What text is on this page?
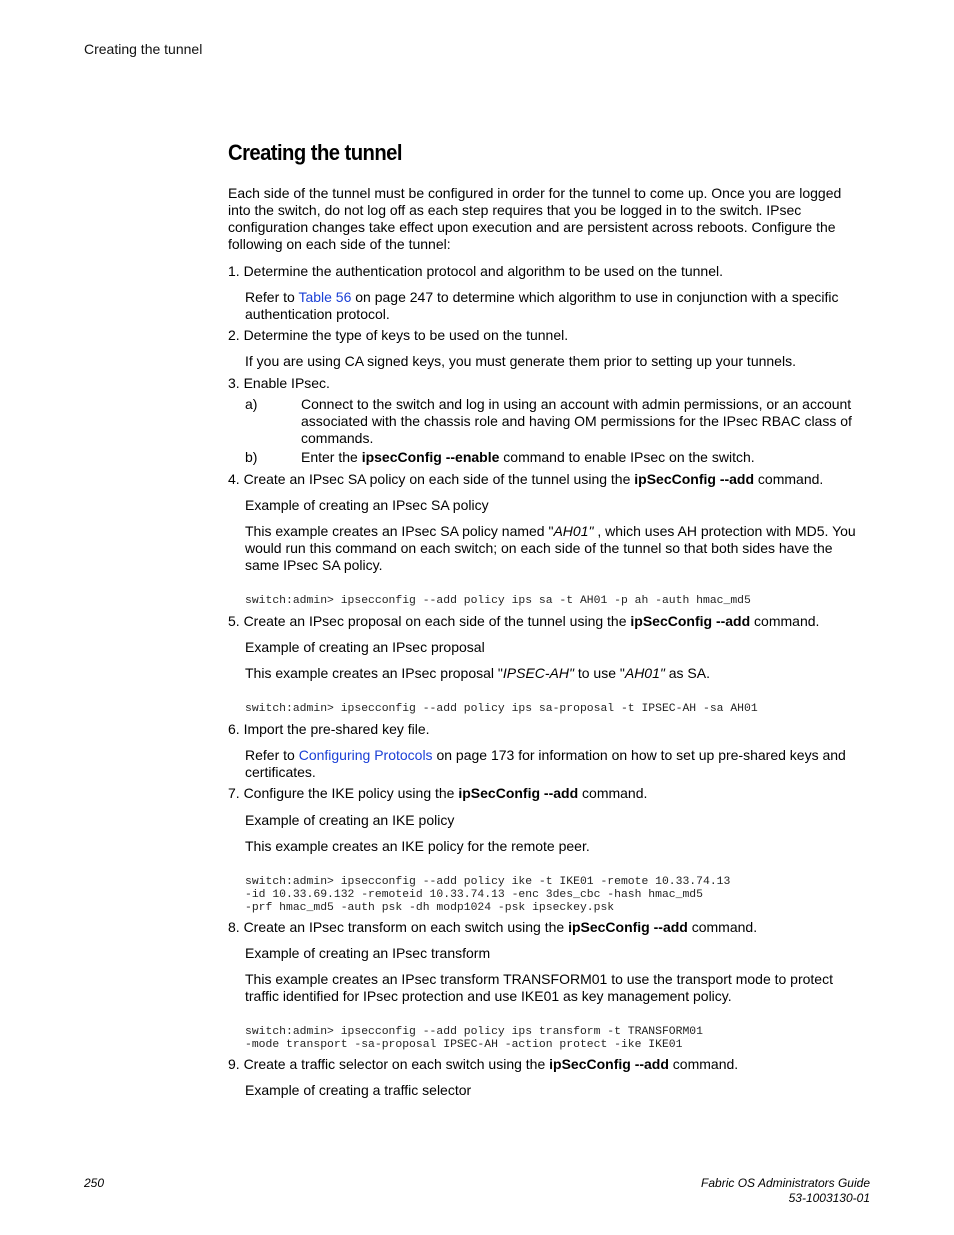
Creating the tunnel
Creating the tunnel

Each side of the tunnel must be configured in order for the tunnel to come up. Once you are logged into the switch, do not log off as each step requires that you be logged in to the switch. IPsec configuration changes take effect upon execution and are persistent across reboots. Configure the following on each side of the tunnel:

1. Determine the authentication protocol and algorithm to be used on the tunnel.

Refer to Table 56 on page 247 to determine which algorithm to use in conjunction with a specific authentication protocol.

2. Determine the type of keys to be used on the tunnel.

If you are using CA signed keys, you must generate them prior to setting up your tunnels.

3. Enable IPsec.

a)	Connect to the switch and log in using an account with admin permissions, or an account associated with the chassis role and having OM permissions for the IPsec RBAC class of commands.

b)	Enter the ipsecConfig --enable command to enable IPsec on the switch.

4. Create an IPsec SA policy on each side of the tunnel using the ipSecConfig --add command.

Example of creating an IPsec SA policy

This example creates an IPsec SA policy named "AH01" , which uses AH protection with MD5. You would run this command on each switch; on each side of the tunnel so that both sides have the same IPsec SA policy.

switch:admin> ipsecconfig --add policy ips sa -t AH01 -p ah -auth hmac_md5

5. Create an IPsec proposal on each side of the tunnel using the ipSecConfig --add command.

Example of creating an IPsec proposal

This example creates an IPsec proposal "IPSEC-AH" to use "AH01" as SA.

switch:admin> ipsecconfig --add policy ips sa-proposal -t IPSEC-AH -sa AH01

6. Import the pre-shared key file.

Refer to Configuring Protocols on page 173 for information on how to set up pre-shared keys and certificates.

7. Configure the IKE policy using the ipSecConfig --add command.

Example of creating an IKE policy

This example creates an IKE policy for the remote peer.

switch:admin> ipsecconfig --add policy ike -t IKE01 -remote 10.33.74.13
-id 10.33.69.132 -remoteid 10.33.74.13 -enc 3des_cbc -hash hmac_md5
-prf hmac_md5 -auth psk -dh modp1024 -psk ipseckey.psk

8. Create an IPsec transform on each switch using the ipSecConfig --add command.

Example of creating an IPsec transform

This example creates an IPsec transform TRANSFORM01 to use the transport mode to protect traffic identified for IPsec protection and use IKE01 as key management policy.

switch:admin> ipsecconfig --add policy ips transform -t TRANSFORM01
-mode transport -sa-proposal IPSEC-AH -action protect -ike IKE01

9. Create a traffic selector on each switch using the ipSecConfig --add command.

Example of creating a traffic selector

250	Fabric OS Administrators Guide
53-1003130-01
